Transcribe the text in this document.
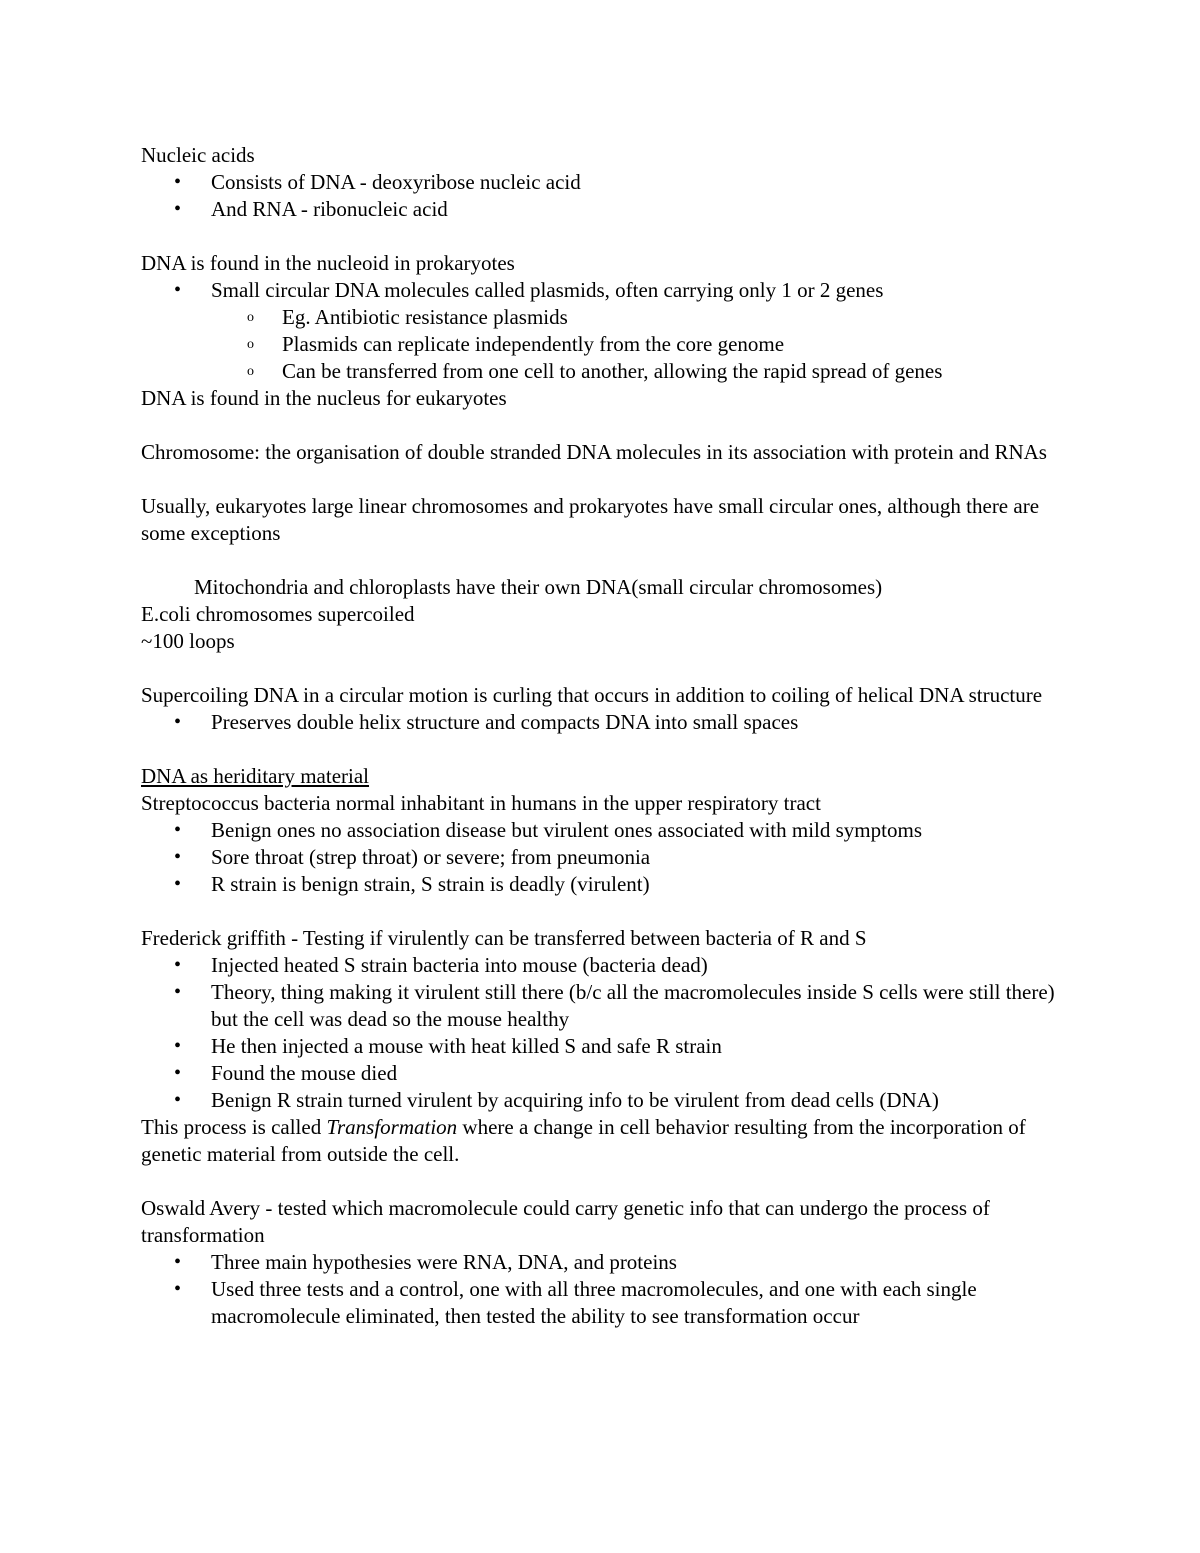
Nucleic acids
• Consists of DNA - deoxyribose nucleic acid
• And RNA - ribonucleic acid
DNA is found in the nucleoid in prokaryotes
• Small circular DNA molecules called plasmids, often carrying only 1 or 2 genes
o Eg. Antibiotic resistance plasmids
o Plasmids can replicate independently from the core genome
o Can be transferred from one cell to another, allowing the rapid spread of genes
DNA is found in the nucleus for eukaryotes
Chromosome: the organisation of double stranded DNA molecules in its association with protein and RNAs
Usually, eukaryotes large linear chromosomes and prokaryotes have small circular ones, although there are some exceptions
Mitochondria and chloroplasts have their own DNA(small circular chromosomes)
E.coli chromosomes supercoiled
~100 loops
Supercoiling DNA in a circular motion is curling that occurs in addition to coiling of helical DNA structure
• Preserves double helix structure and compacts DNA into small spaces
DNA as heriditary material
Streptococcus bacteria normal inhabitant in humans in the upper respiratory tract
• Benign ones no association disease but virulent ones associated with mild symptoms
• Sore throat (strep throat) or severe; from pneumonia
• R strain is benign strain, S strain is deadly (virulent)
Frederick griffith - Testing if virulently can be transferred between bacteria of R and S
• Injected heated S strain bacteria into mouse (bacteria dead)
• Theory, thing making it virulent still there (b/c all the macromolecules inside S cells were still there) but the cell was dead so the mouse healthy
• He then injected a mouse with heat killed S and safe R strain
• Found the mouse died
• Benign R strain turned virulent by acquiring info to be virulent from dead cells (DNA)
This process is called Transformation where a change in cell behavior resulting from the incorporation of genetic material from outside the cell.
Oswald Avery - tested which macromolecule could carry genetic info that can undergo the process of transformation
• Three main hypothesies were RNA, DNA, and proteins
• Used three tests and a control, one with all three macromolecules, and one with each single macromolecule eliminated, then tested the ability to see transformation occur
